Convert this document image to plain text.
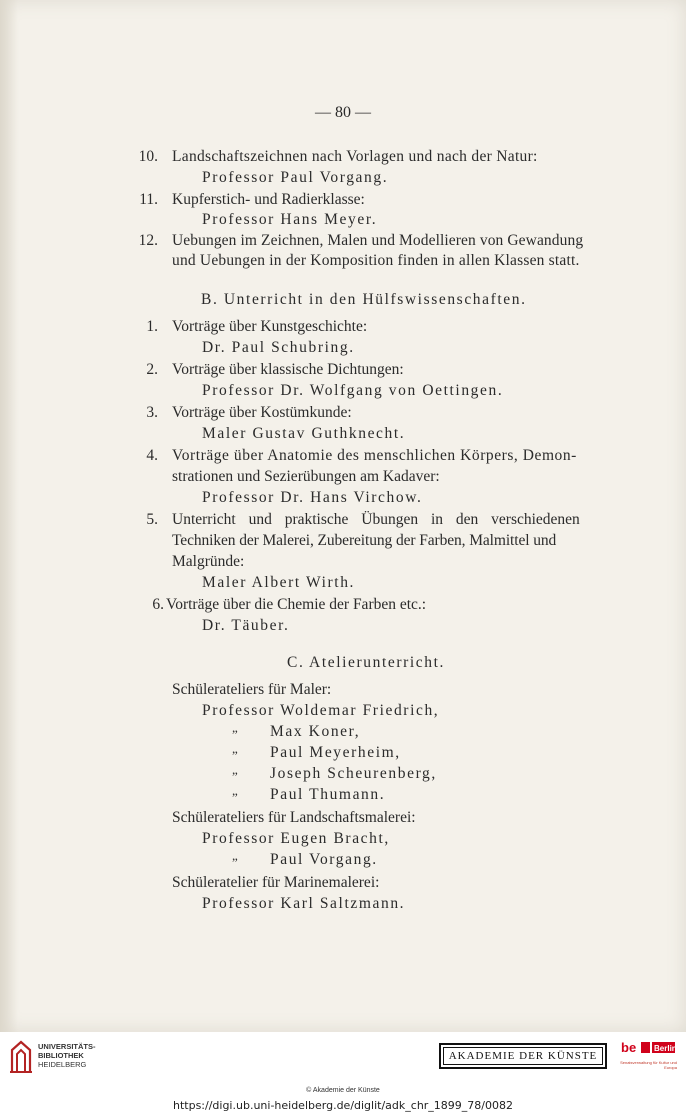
— 80 —
10. Landschaftszeichnen nach Vorlagen und nach der Natur:
Professor Paul Vorgang.
11. Kupferstich- und Radierklasse:
Professor Hans Meyer.
12. Uebungen im Zeichnen, Malen und Modellieren von Gewandung
und Uebungen in der Komposition finden in allen Klassen statt.
B. Unterricht in den Hülfswissenschaften.
1. Vorträge über Kunstgeschichte:
Dr. Paul Schubring.
2. Vorträge über klassische Dichtungen:
Professor Dr. Wolfgang von Oettingen.
3. Vorträge über Kostümkunde:
Maler Gustav Guthknecht.
4. Vorträge über Anatomie des menschlichen Körpers, Demon-
strationen und Sezierübungen am Kadaver:
Professor Dr. Hans Virchow.
5. Unterricht und praktische Übungen in den verschiedenen
Techniken der Malerei, Zubereitung der Farben, Malmittel und
Malgründe:
Maler Albert Wirth.
6. Vorträge über die Chemie der Farben etc.:
Dr. Täuber.
C. Atelierunterricht.
Schülerateliers für Maler:
Professor Woldemar Friedrich,
„ Max Koner,
„ Paul Meyerheim,
„ Joseph Scheurenberg,
„ Paul Thumann.
Schülerateliers für Landschaftsmalerei:
Professor Eugen Bracht,
„ Paul Vorgang.
Schüleratelier für Marinemalerei:
Professor Karl Saltzmann.
UNIVERSITÄTS-
BIBLIOTHEK
HEIDELBERG
AKADEMIE DER KÜNSTE
be Berlin
Senatsverwaltung für Kultur und Europa
© Akademie der Künste
https://digi.ub.uni-heidelberg.de/diglit/adk_chr_1899_78/0082
